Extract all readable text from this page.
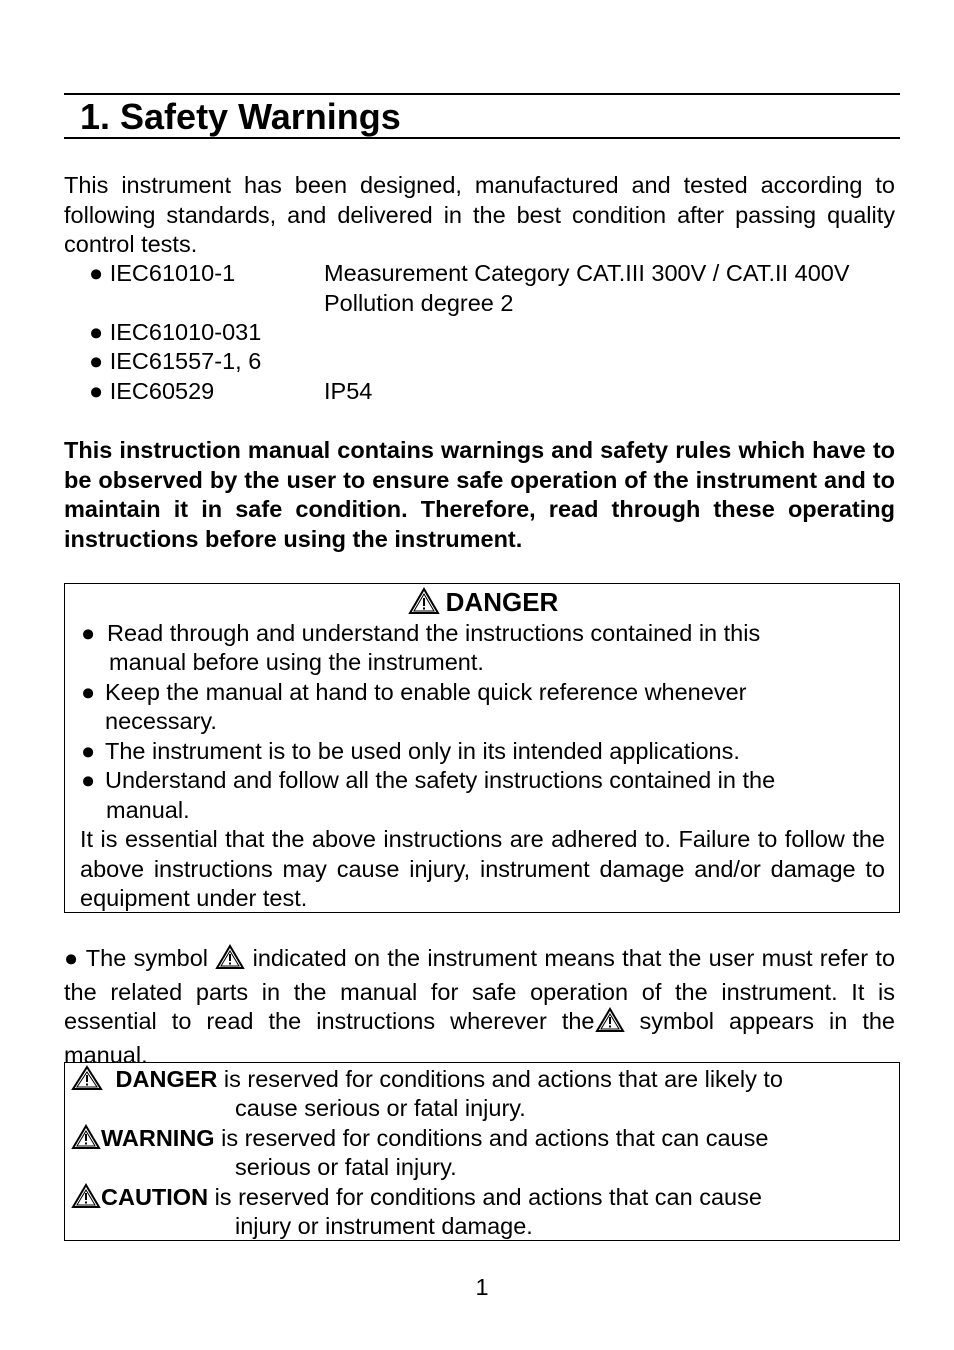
1. Safety Warnings
This instrument has been designed, manufactured and tested according to following standards, and delivered in the best condition after passing quality control tests.
● IEC61010-1	Measurement Category CAT.III 300V / CAT.II 400V
Pollution degree 2
● IEC61010-031
● IEC61557-1, 6
● IEC60529	IP54
This instruction manual contains warnings and safety rules which have to be observed by the user to ensure safe operation of the instrument and to maintain it in safe condition. Therefore, read through these operating instructions before using the instrument.
DANGER
● Read through and understand the instructions contained in this
manual before using the instrument.
● Keep the manual at hand to enable quick reference whenever
necessary.
● The instrument is to be used only in its intended applications.
● Understand and follow all the safety instructions contained in the
manual.
It is essential that the above instructions are adhered to. Failure to follow the above instructions may cause injury, instrument damage and/or damage to equipment under test.
● The symbol indicated on the instrument means that the user must refer to the related parts in the manual for safe operation of the instrument. It is essential to read the instructions wherever the symbol appears in the manual.
DANGER is reserved for conditions and actions that are likely to
cause serious or fatal injury.
WARNING is reserved for conditions and actions that can cause
serious or fatal injury.
CAUTION is reserved for conditions and actions that can cause
injury or instrument damage.
1
